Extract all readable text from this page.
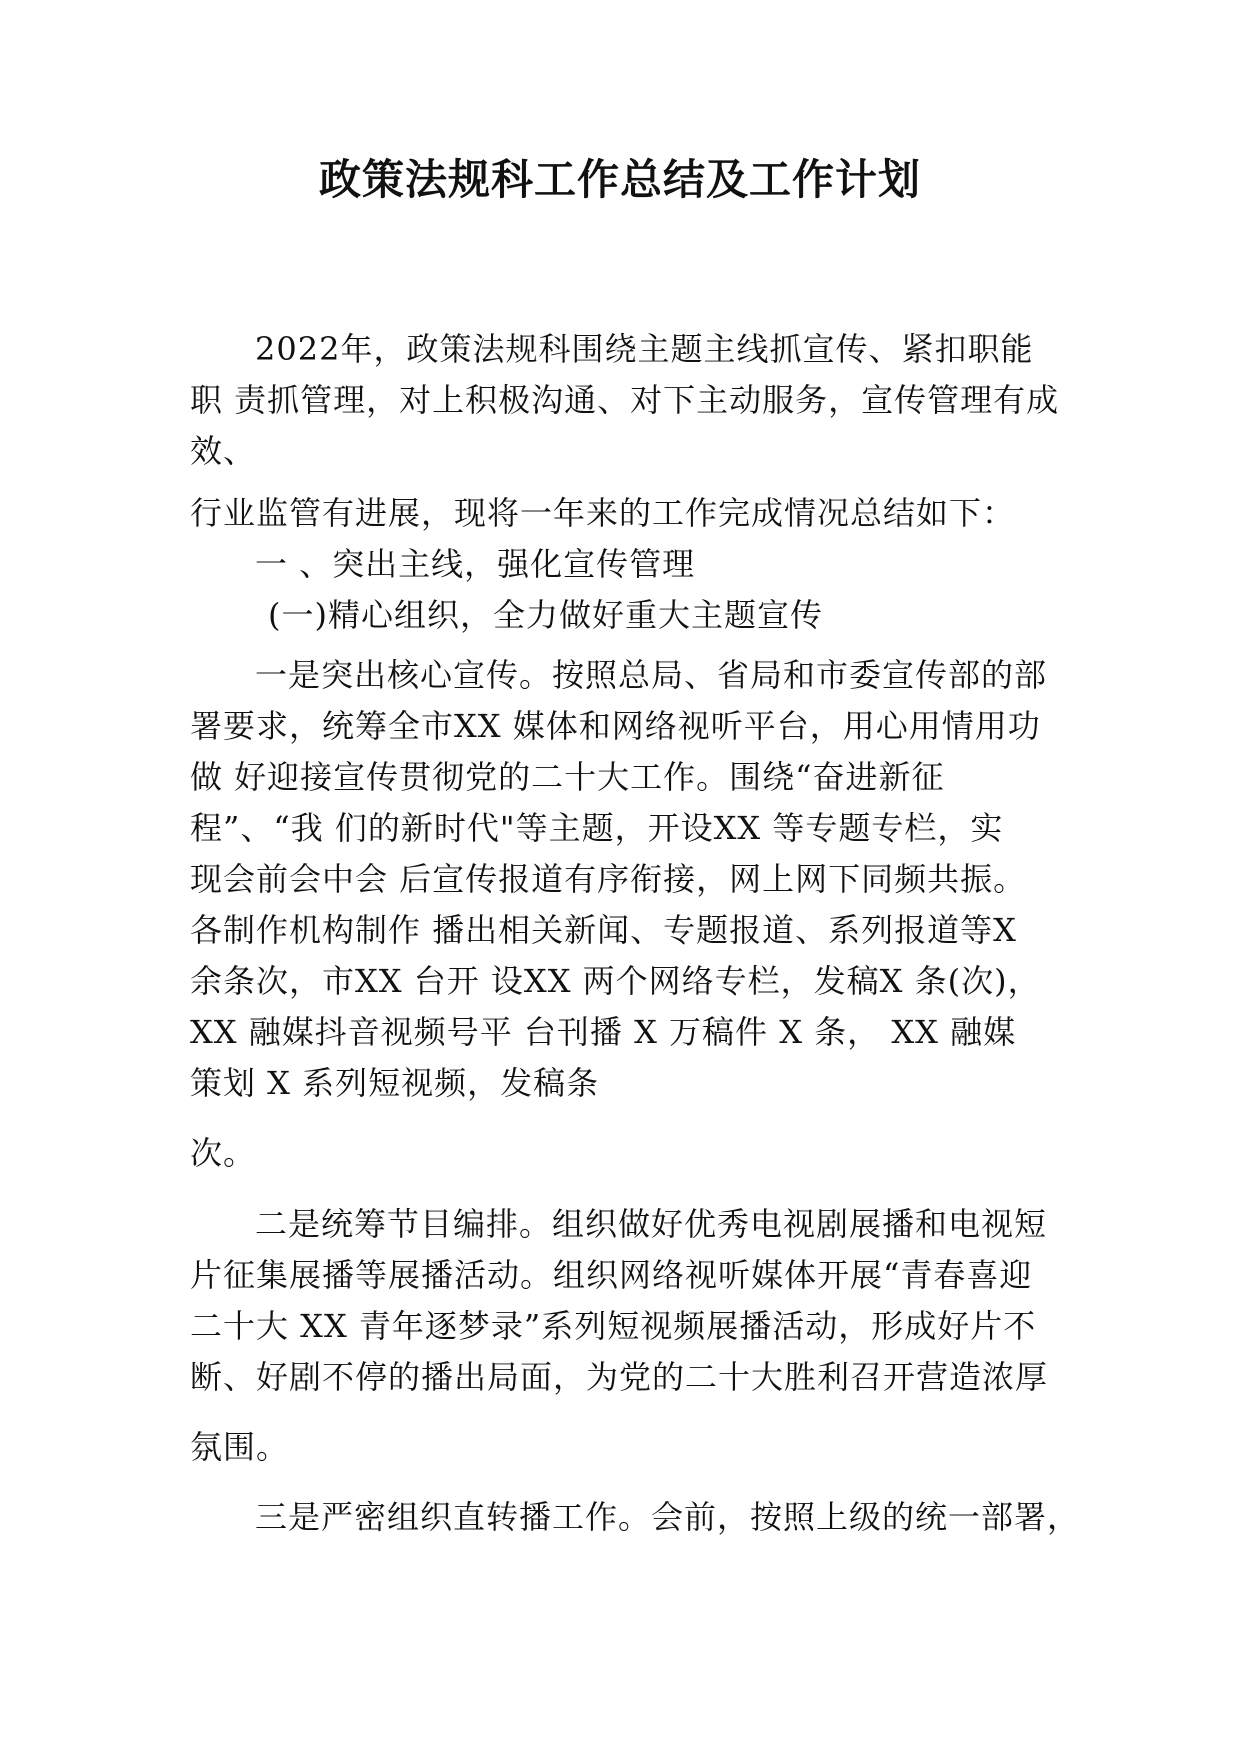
政策法规科工作总结及工作计划
2022年，政策法规科围绕主题主线抓宣传、紧扣职能
职 责抓管理，对上积极沟通、对下主动服务，宣传管理有成
效、
行业监管有进展，现将一年来的工作完成情况总结如下：
一 、突出主线，强化宣传管理
(一)精心组织，全力做好重大主题宣传
一是突出核心宣传。按照总局、省局和市委宣传部的部
署要求，统筹全市XX 媒体和网络视听平台，用心用情用功
做 好迎接宣传贯彻党的二十大工作。围绕“奋进新征
程”、“我 们的新时代"等主题，开设XX 等专题专栏，实
现会前会中会 后宣传报道有序衔接，网上网下同频共振。
各制作机构制作 播出相关新闻、专题报道、系列报道等X
余条次，市XX 台开 设XX 两个网络专栏，发稿X 条(次)，
XX 融媒抖音视频号平 台刊播 X 万稿件 X 条， XX 融媒
策划 X 系列短视频，发稿条
次。
二是统筹节目编排。组织做好优秀电视剧展播和电视短
片征集展播等展播活动。组织网络视听媒体开展“青春喜迎
二十大 XX 青年逐梦录”系列短视频展播活动，形成好片不
断、好剧不停的播出局面，为党的二十大胜利召开营造浓厚
氛围。
三是严密组织直转播工作。会前，按照上级的统一部署，
